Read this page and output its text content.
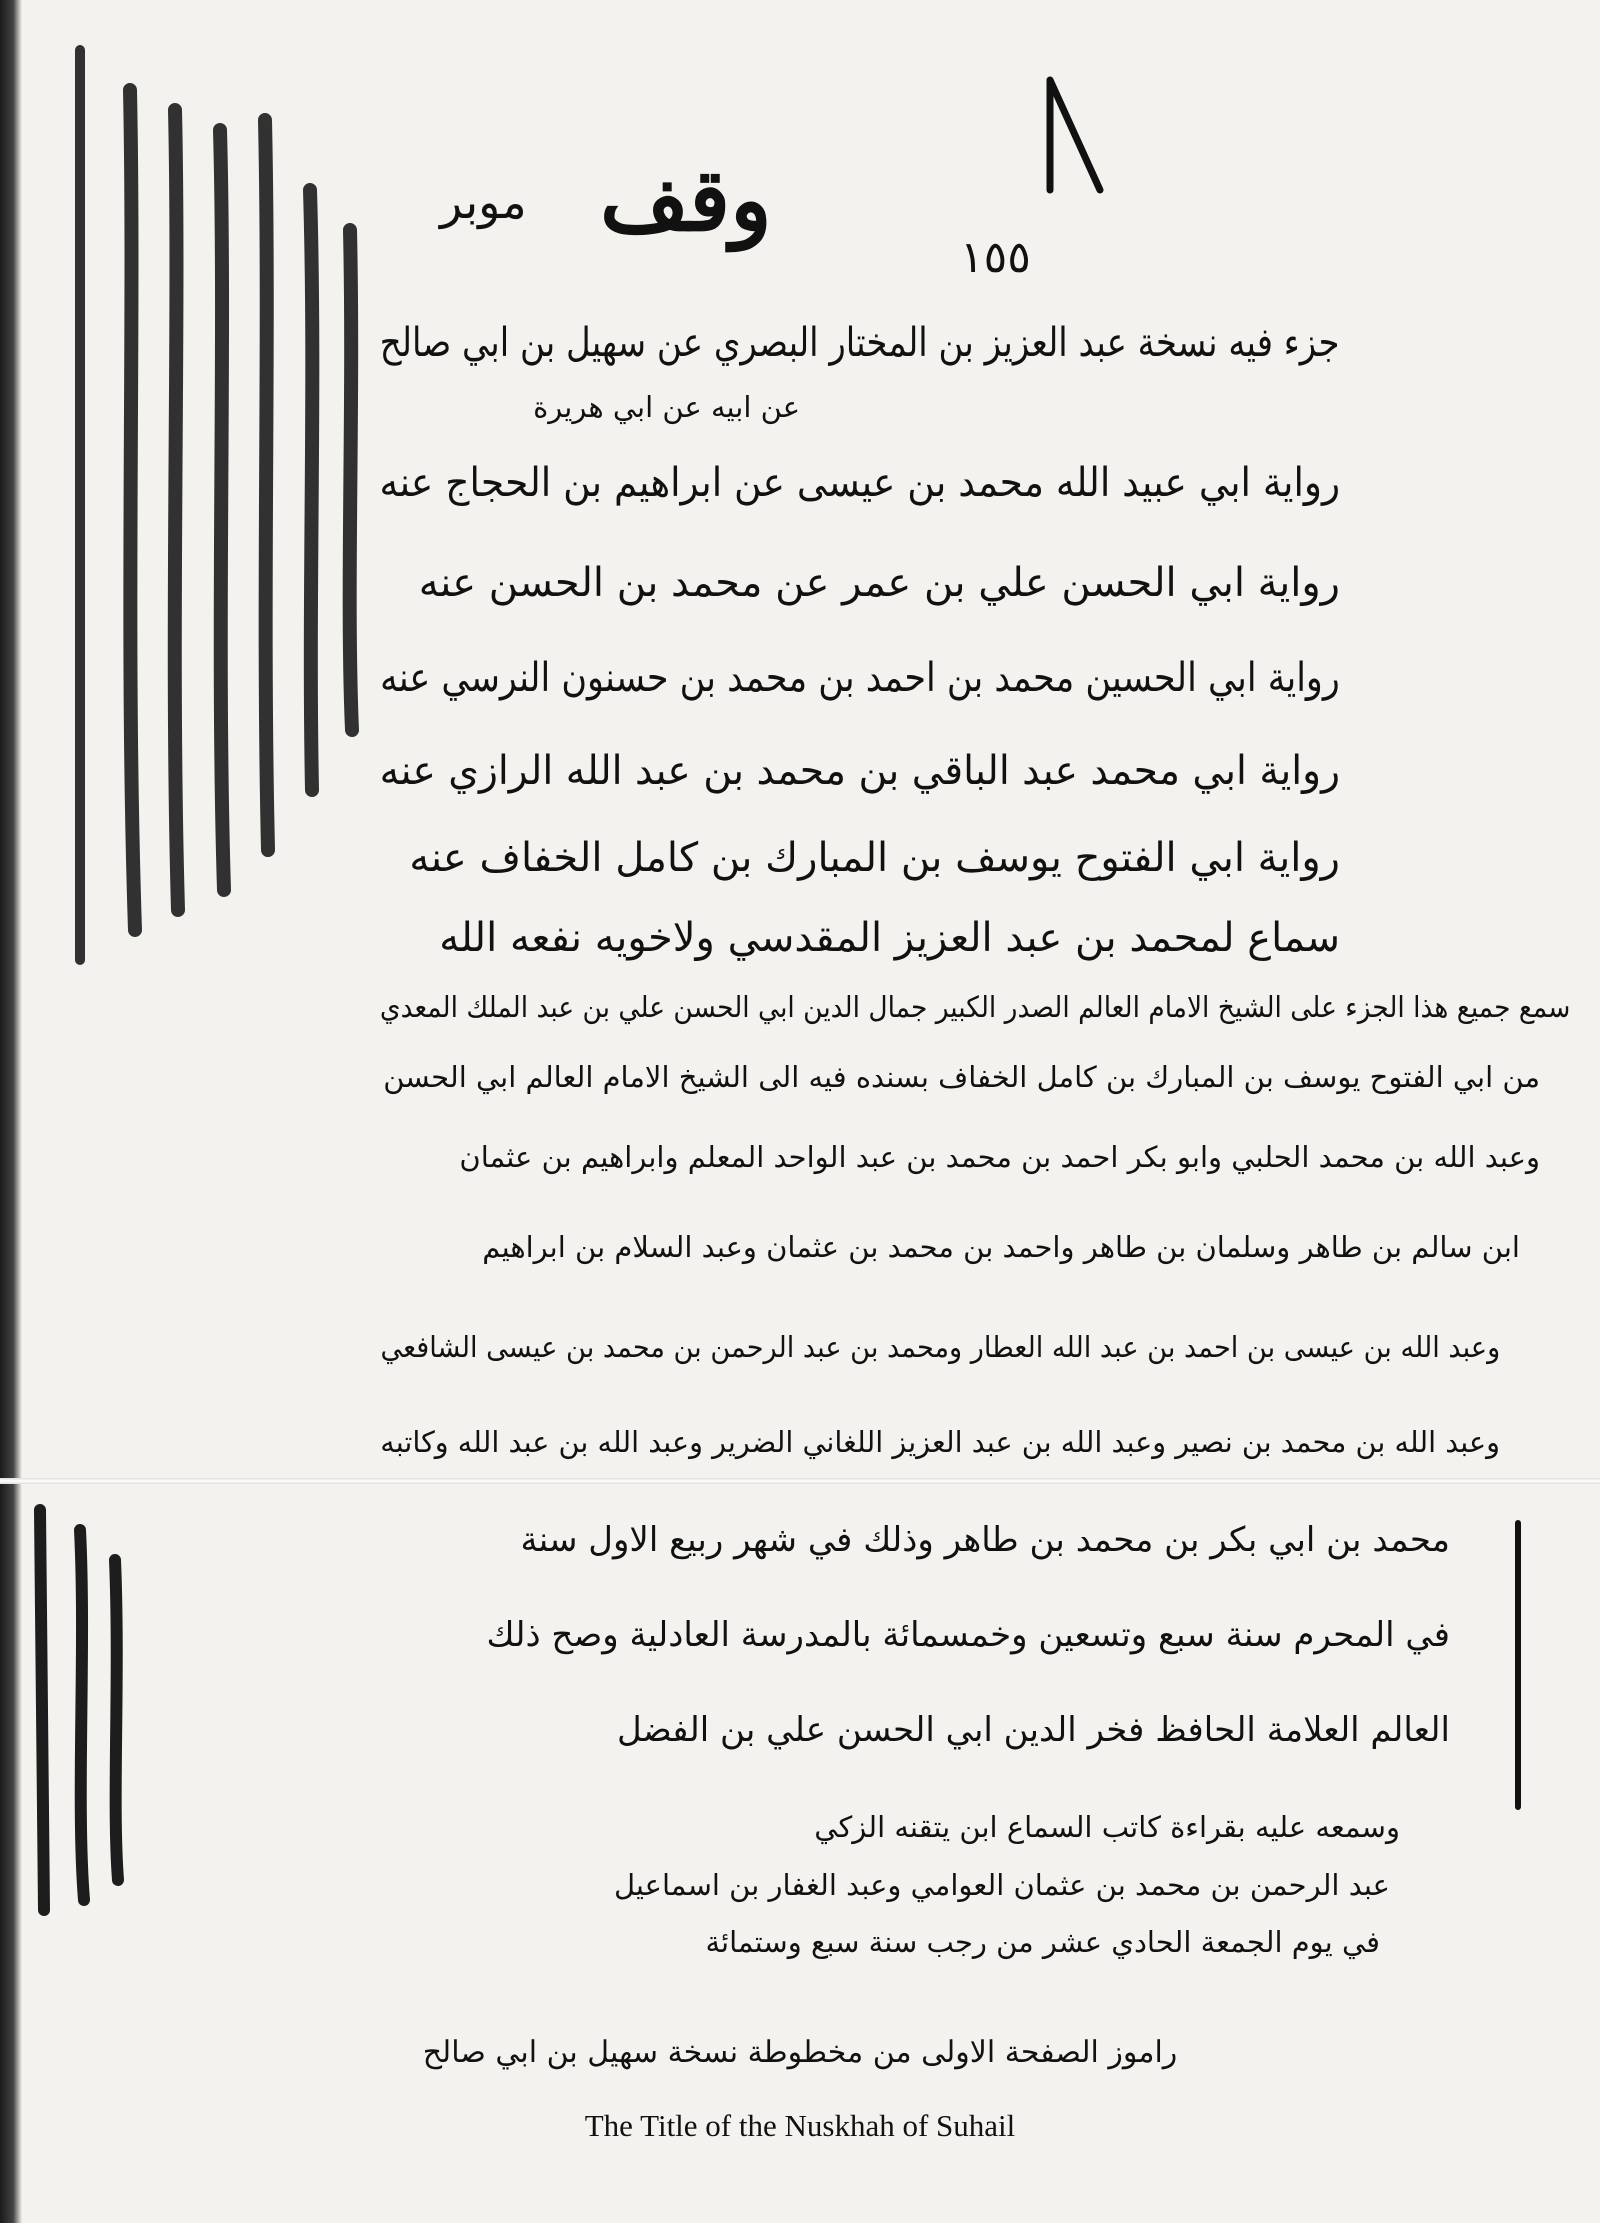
١٥٥
وقف
موبر
جزء فيه نسخة عبد العزيز بن المختار البصري عن سهيل بن ابي صالح
عن ابيه عن ابي هريرة
رواية ابي عبيد الله محمد بن عيسى عن ابراهيم بن الحجاج عنه
رواية ابي الحسن علي بن عمر عن محمد بن الحسن عنه
رواية ابي الحسين محمد بن احمد بن محمد بن حسنون النرسي عنه
رواية ابي محمد عبد الباقي بن محمد بن عبد الله الرازي عنه
رواية ابي الفتوح يوسف بن المبارك بن كامل الخفاف عنه
سماع لمحمد بن عبد العزيز المقدسي ولاخويه نفعه الله
سمع جميع هذا الجزء على الشيخ الامام العالم الصدر الكبير جمال الدين ابي الحسن علي بن عبد الملك المعدي
من ابي الفتوح يوسف بن المبارك بن كامل الخفاف بسنده فيه الى الشيخ الامام العالم ابي الحسن
وعبد الله بن محمد الحلبي وابو بكر احمد بن محمد بن عبد الواحد المعلم وابراهيم بن عثمان
ابن سالم بن طاهر وسلمان بن طاهر واحمد بن محمد بن عثمان وعبد السلام بن ابراهيم
وعبد الله بن عيسى بن احمد بن عبد الله العطار ومحمد بن عبد الرحمن بن محمد بن عيسى الشافعي
وعبد الله بن محمد بن نصير وعبد الله بن عبد العزيز اللغاني الضرير وعبد الله بن عبد الله وكاتبه
محمد بن ابي بكر بن محمد بن طاهر وذلك في شهر ربيع الاول سنة
في المحرم سنة سبع وتسعين وخمسمائة بالمدرسة العادلية وصح ذلك
العالم العلامة الحافظ فخر الدين ابي الحسن علي بن الفضل
وسمعه عليه بقراءة كاتب السماع ابن يتقنه الزكي
عبد الرحمن بن محمد بن عثمان العوامي وعبد الغفار بن اسماعيل
في يوم الجمعة الحادي عشر من رجب سنة سبع وستمائة
راموز الصفحة الاولى من مخطوطة نسخة سهيل بن ابي صالح
The Title of the Nuskhah of Suhail
